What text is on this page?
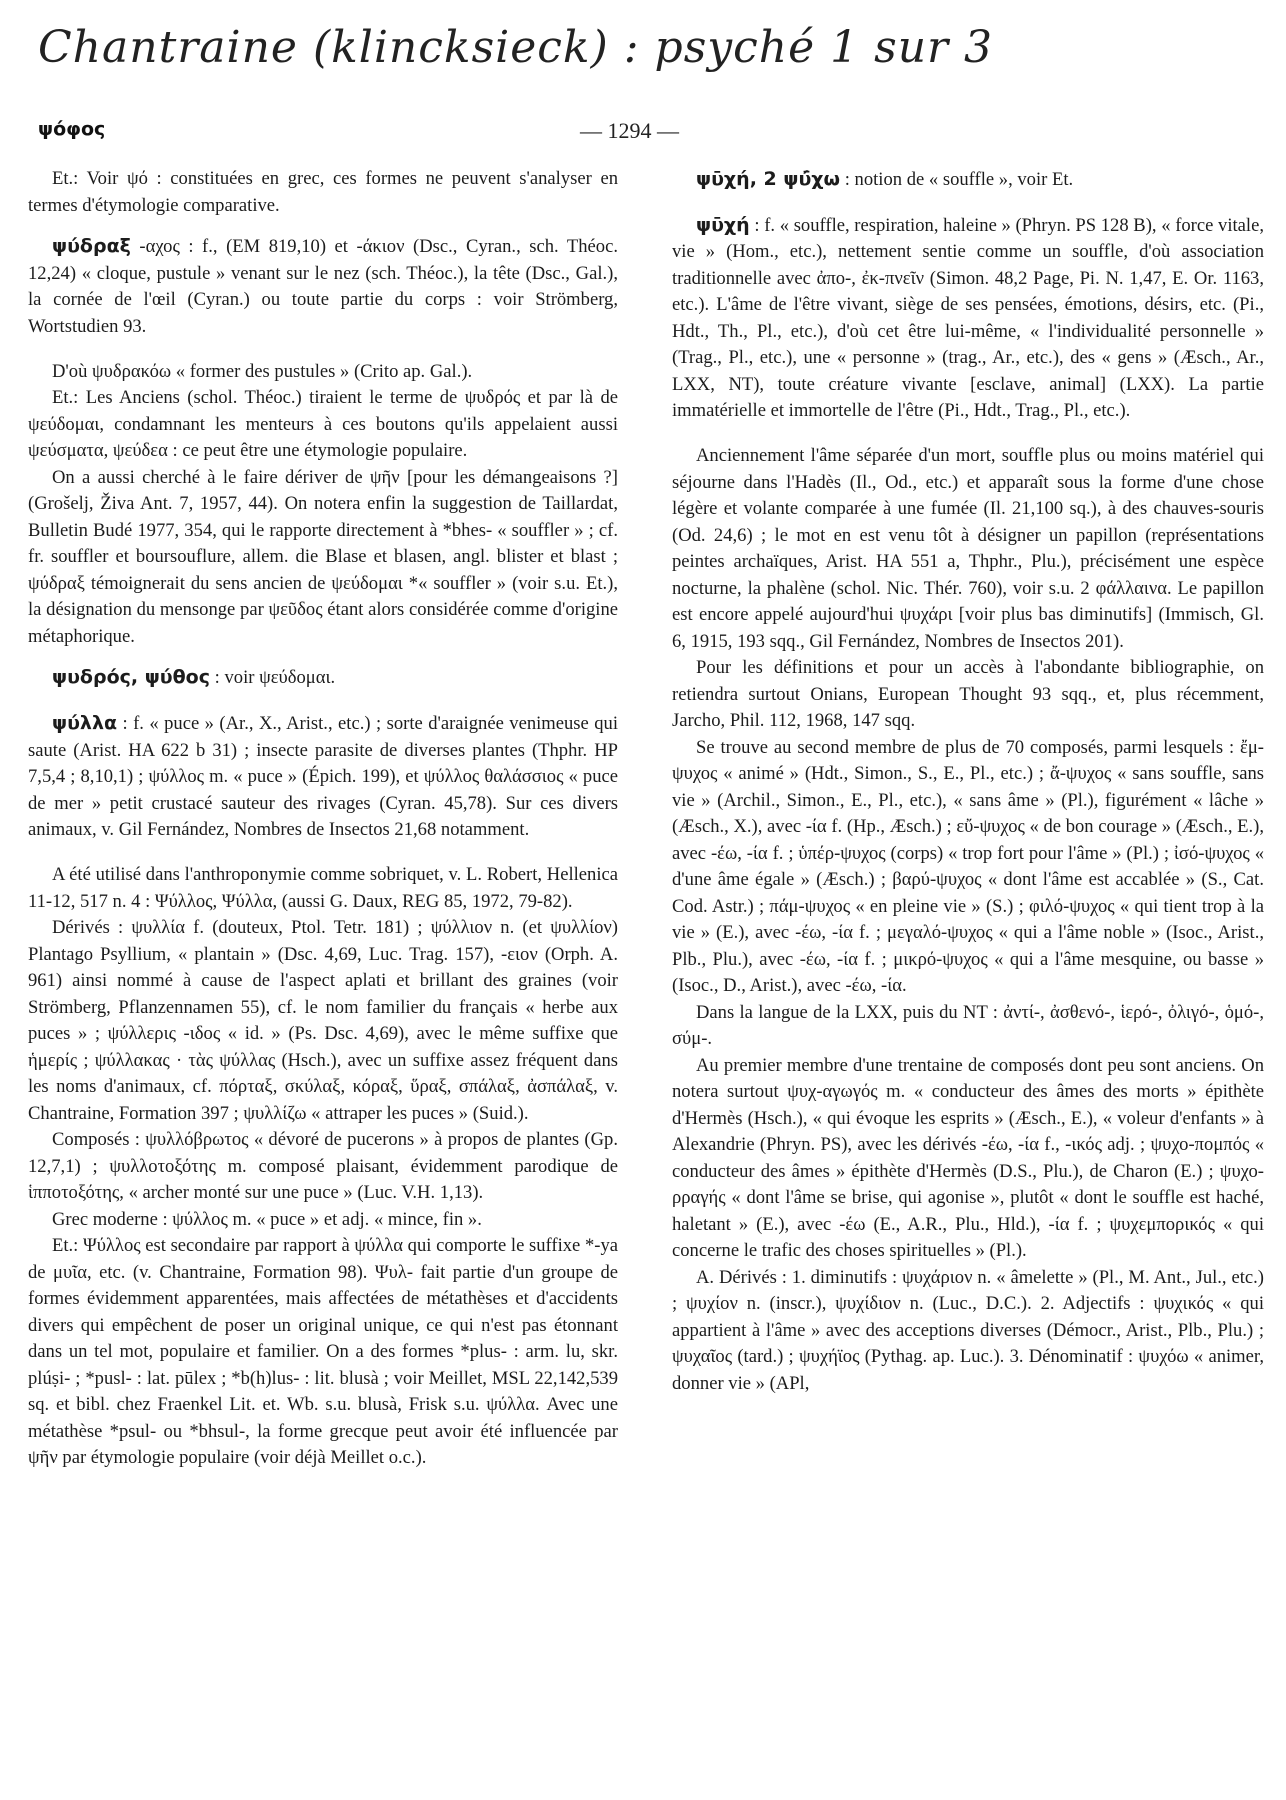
Chantraine (klincksieck) : psyché 1 sur 3
ψόφος	— 1294 —

Et.: Voir ψό : constituées en grec, ces formes ne peuvent s'analyser en termes d'étymologie comparative.

ψύδραξ -αχος : f., (EM 819,10) et -άκιον (Dsc., Cyran., sch. Théoc. 12,24) « cloque, pustule » venant sur le nez (sch. Théoc.), la tête (Dsc., Gal.), la cornée de l'œil (Cyran.) ou toute partie du corps : voir Strömberg, Wortstudien 93.

D'où ψυδρακόω « former des pustules » (Crito ap. Gal.).

Et.: Les Anciens (schol. Théoc.) tiraient le terme de ψυδρός et par là de ψεύδομαι, condamnant les menteurs à ces boutons qu'ils appelaient aussi ψεύσματα, ψεύδεα : ce peut être une étymologie populaire.

On a aussi cherché à le faire dériver de ψῆν [pour les démangeaisons ?] (Grošelj, Živa Ant. 7, 1957, 44). On notera enfin la suggestion de Taillardat, Bulletin Budé 1977, 354, qui le rapporte directement à *bhes- « souffler » ; cf. fr. souffler et boursouflure, allem. die Blase et blasen, angl. blister et blast ; ψύδραξ témoignerait du sens ancien de ψεύδομαι *« souffler » (voir s.u. Et.), la désignation du mensonge par ψεῦδος étant alors considérée comme d'origine métaphorique.

ψυδρός, ψύθος : voir ψεύδομαι.

ψύλλα : f. « puce » (Ar., X., Arist., etc.) ; sorte d'araignée venimeuse qui saute (Arist. HA 622 b 31) ; insecte parasite de diverses plantes (Thphr. HP 7,5,4 ; 8,10,1) ; ψύλλος m. « puce » (Épich. 199), et ψύλλος θαλάσσιος « puce de mer » petit crustacé sauteur des rivages (Cyran. 45,78). Sur ces divers animaux, v. Gil Fernández, Nombres de Insectos 21,68 notamment.

A été utilisé dans l'anthroponymie comme sobriquet, v. L. Robert, Hellenica 11-12, 517 n. 4 : Ψύλλος, Ψύλλα, (aussi G. Daux, REG 85, 1972, 79-82).

Dérivés : ψυλλία f. (douteux, Ptol. Tetr. 181) ; ψύλλιον n. (et ψυλλίον) Plantago Psyllium, « plantain » (Dsc. 4,69, Luc. Trag. 157), -ειον (Orph. A. 961) ainsi nommé à cause de l'aspect aplati et brillant des graines (voir Strömberg, Pflanzennamen 55), cf. le nom familier du français « herbe aux puces » ; ψύλλερις -ιδος « id. » (Ps. Dsc. 4,69), avec le même suffixe que ἡμερίς ; ψύλλακας · τὰς ψύλλας (Hsch.), avec un suffixe assez fréquent dans les noms d'animaux, cf. πόρταξ, σκύλαξ, κόραξ, ὕραξ, σπάλαξ, ἀσπάλαξ, v. Chantraine, Formation 397 ; ψυλλίζω « attraper les puces » (Suid.).

Composés : ψυλλόβρωτος « dévoré de pucerons » à propos de plantes (Gp. 12,7,1) ; ψυλλοτοξότης m. composé plaisant, évidemment parodique de ἱπποτοξότης, « archer monté sur une puce » (Luc. V.H. 1,13).

Grec moderne : ψύλλος m. « puce » et adj. « mince, fin ».

Et.: Ψύλλος est secondaire par rapport à ψύλλα qui comporte le suffixe *-ya de μυῖα, etc. (v. Chantraine, Formation 98). Ψυλ- fait partie d'un groupe de formes évidemment apparentées, mais affectées de métathèses et d'accidents divers qui empêchent de poser un original unique, ce qui n'est pas étonnant dans un tel mot, populaire et familier. On a des formes *plus- : arm. lu, skr. plúṣi- ; *pusl- : lat. pūlex ; *b(h)lus- : lit. blusà ; voir Meillet, MSL 22,142,539 sq. et bibl. chez Fraenkel Lit. et. Wb. s.u. blusà, Frisk s.u. ψύλλα. Avec une métathèse *psul- ou *bhsul-, la forme grecque peut avoir été influencée par ψῆν par étymologie populaire (voir déjà Meillet o.c.).

ψῡχή, 2 ψύ̄χω : notion de « souffle », voir Et.

ψῡχή : f. « souffle, respiration, haleine » (Phryn. PS 128 B), « force vitale, vie » (Hom., etc.), nettement sentie comme un souffle, d'où association traditionnelle avec ἀπο-, ἐκ-πνεῖν (Simon. 48,2 Page, Pi. N. 1,47, E. Or. 1163, etc.). L'âme de l'être vivant, siège de ses pensées, émotions, désirs, etc. (Pi., Hdt., Th., Pl., etc.), d'où cet être lui-même, « l'individualité personnelle » (Trag., Pl., etc.), une « personne » (trag., Ar., etc.), des « gens » (Æsch., Ar., LXX, NT), toute créature vivante [esclave, animal] (LXX). La partie immatérielle et immortelle de l'être (Pi., Hdt., Trag., Pl., etc.).

Anciennement l'âme séparée d'un mort, souffle plus ou moins matériel qui séjourne dans l'Hadès (Il., Od., etc.) et apparaît sous la forme d'une chose légère et volante comparée à une fumée (Il. 21,100 sq.), à des chauves-souris (Od. 24,6) ; le mot en est venu tôt à désigner un papillon (représentations peintes archaïques, Arist. HA 551 a, Thphr., Plu.), précisément une espèce nocturne, la phalène (schol. Nic. Thér. 760), voir s.u. 2 φάλλαινα. Le papillon est encore appelé aujourd'hui ψυχάρι [voir plus bas diminutifs] (Immisch, Gl. 6, 1915, 193 sqq., Gil Fernández, Nombres de Insectos 201).

Pour les définitions et pour un accès à l'abondante bibliographie, on retiendra surtout Onians, European Thought 93 sqq., et, plus récemment, Jarcho, Phil. 112, 1968, 147 sqq.

Se trouve au second membre de plus de 70 composés, parmi lesquels : ἔμ-ψυχος « animé » (Hdt., Simon., S., E., Pl., etc.) ; ἄ-ψυχος « sans souffle, sans vie » (Archil., Simon., E., Pl., etc.), « sans âme » (Pl.), figurément « lâche » (Æsch., X.), avec -ία f. (Hp., Æsch.) ; εὔ-ψυχος « de bon courage » (Æsch., E.), avec -έω, -ία f. ; ὑπέρ-ψυχος (corps) « trop fort pour l'âme » (Pl.) ; ἰσό-ψυχος « d'une âme égale » (Æsch.) ; βαρύ-ψυχος « dont l'âme est accablée » (S., Cat. Cod. Astr.) ; πάμ-ψυχος « en pleine vie » (S.) ; φιλό-ψυχος « qui tient trop à la vie » (E.), avec -έω, -ία f. ; μεγαλό-ψυχος « qui a l'âme noble » (Isoc., Arist., Plb., Plu.), avec -έω, -ία f. ; μικρό-ψυχος « qui a l'âme mesquine, ou basse » (Isoc., D., Arist.), avec -έω, -ία.

Dans la langue de la LXX, puis du NT : ἀντί-, ἀσθενό-, ἱερό-, ὀλιγό-, ὁμό-, σύμ-.

Au premier membre d'une trentaine de composés dont peu sont anciens. On notera surtout ψυχ-αγωγός m. « conducteur des âmes des morts » épithète d'Hermès (Hsch.), « qui évoque les esprits » (Æsch., E.), « voleur d'enfants » à Alexandrie (Phryn. PS), avec les dérivés -έω, -ία f., -ικός adj. ; ψυχο-πομπός « conducteur des âmes » épithète d'Hermès (D.S., Plu.), de Charon (E.) ; ψυχο-ρραγής « dont l'âme se brise, qui agonise », plutôt « dont le souffle est haché, haletant » (E.), avec -έω (E., A.R., Plu., Hld.), -ία f. ; ψυχεμπορικός « qui concerne le trafic des choses spirituelles » (Pl.).

A. Dérivés : 1. diminutifs : ψυχάριον n. « âmelette » (Pl., M. Ant., Jul., etc.) ; ψυχίον n. (inscr.), ψυχίδιον n. (Luc., D.C.). 2. Adjectifs : ψυχικός « qui appartient à l'âme » avec des acceptions diverses (Démocr., Arist., Plb., Plu.) ; ψυχαῖος (tard.) ; ψυχήϊος (Pythag. ap. Luc.). 3. Dénominatif : ψυχόω « animer, donner vie » (APl,
